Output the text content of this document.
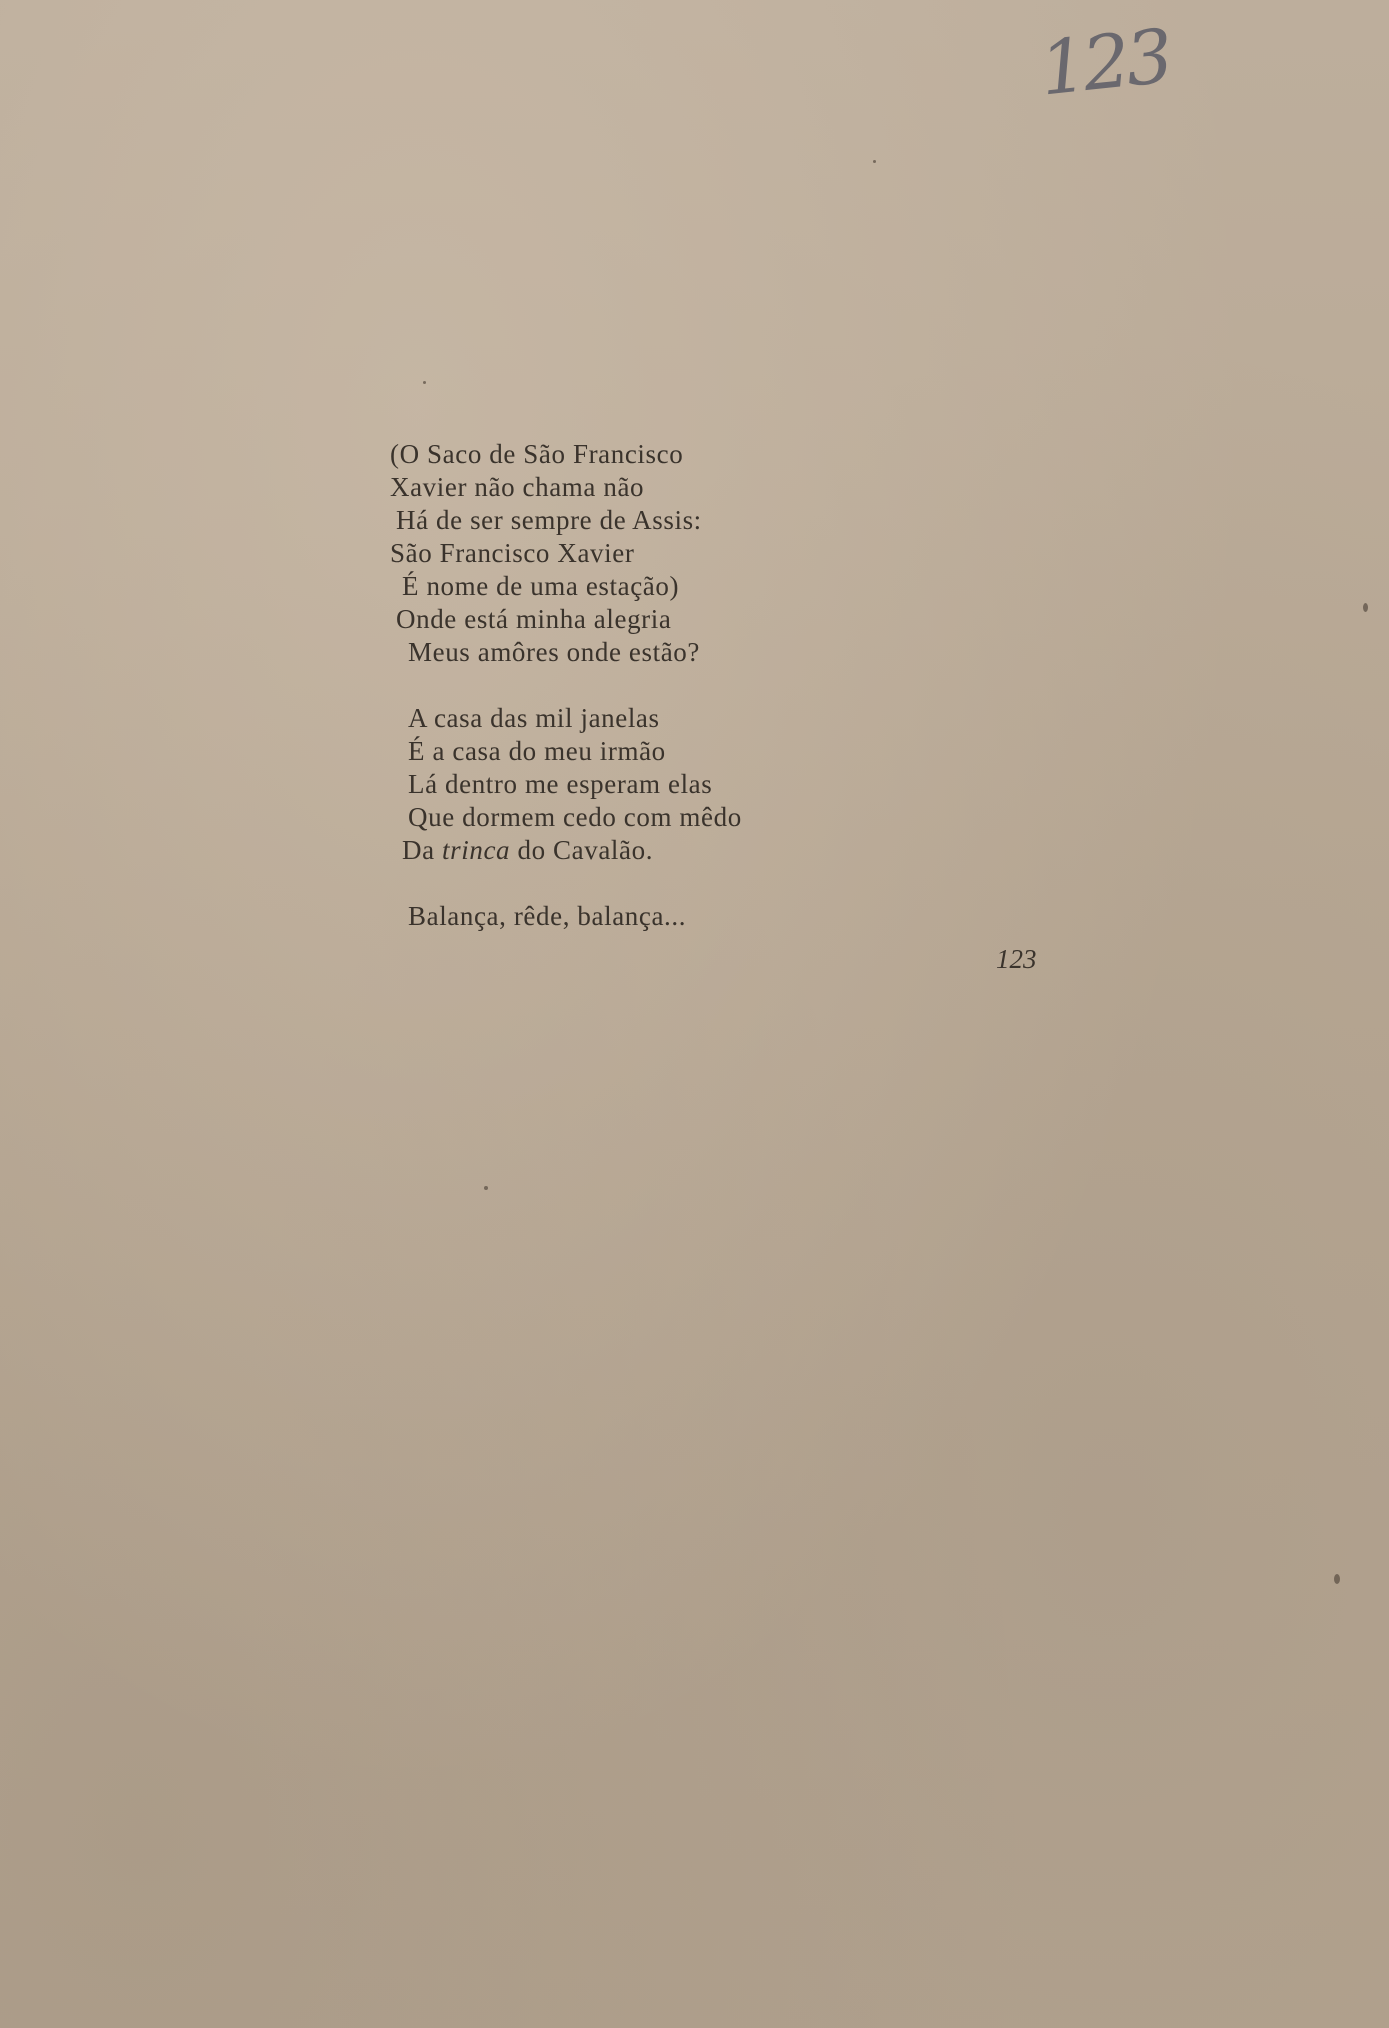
123
(O Saco de São Francisco
Xavier não chama não
Há de ser sempre de Assis:
São Francisco Xavier
É nome de uma estação)
Onde está minha alegria
Meus amôres onde estão?
A casa das mil janelas
É a casa do meu irmão
Lá dentro me esperam elas
Que dormem cedo com mêdo
Da trinca do Cavalão.
Balança, rêde, balança...
123
